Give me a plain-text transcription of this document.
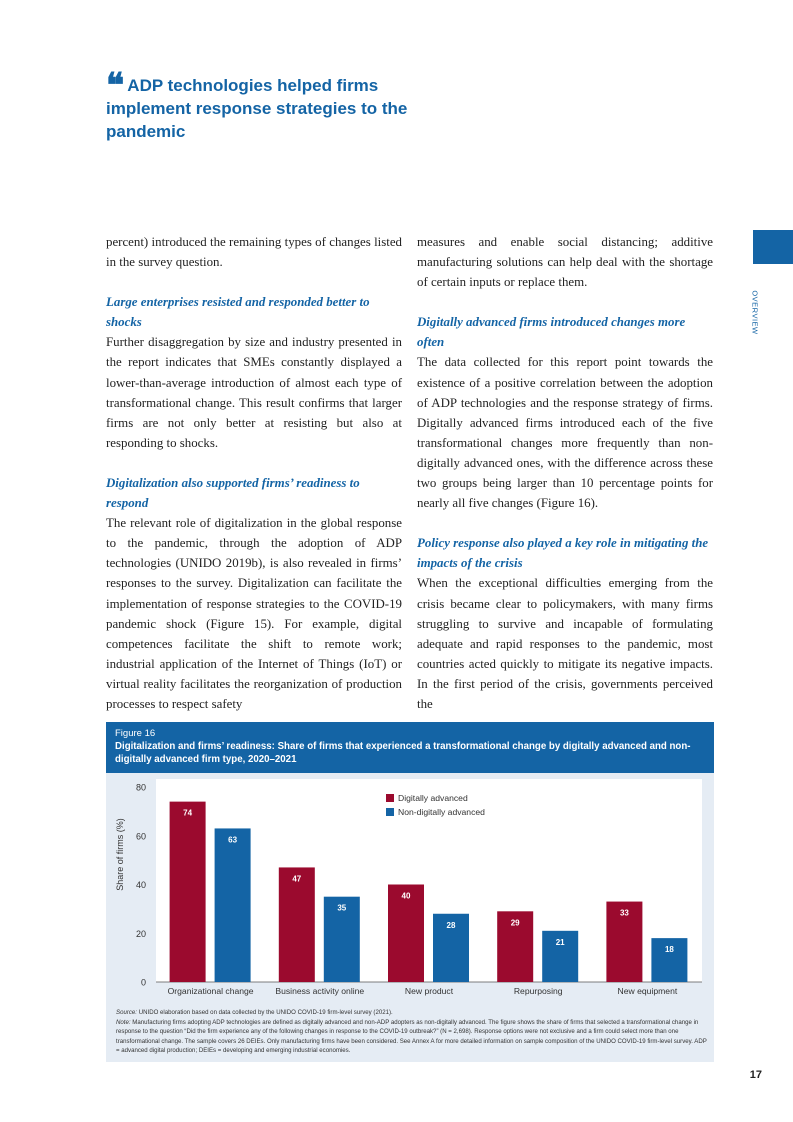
❝ ADP technologies helped firms implement response strategies to the pandemic
OVERVIEW

percent) introduced the remaining types of changes listed in the survey question.

Large enterprises resisted and responded better to shocks

Further disaggregation by size and industry presented in the report indicates that SMEs constantly displayed a lower-than-average introduction of almost each type of transformational change. This result confirms that larger firms are not only better at resisting but also at responding to shocks.

Digitalization also supported firms’ readiness to respond

The relevant role of digitalization in the global response to the pandemic, through the adoption of ADP technologies (UNIDO 2019b), is also revealed in firms’ responses to the survey. Digitalization can facilitate the implementation of response strategies to the COVID-19 pandemic shock (Figure 15). For example, digital competences facilitate the shift to remote work; industrial application of the Internet of Things (IoT) or virtual reality facilitates the reorganization of production processes to respect safety

measures and enable social distancing; additive manufacturing solutions can help deal with the shortage of certain inputs or replace them.

Digitally advanced firms introduced changes more often

The data collected for this report point towards the existence of a positive correlation between the adoption of ADP technologies and the response strategy of firms. Digitally advanced firms introduced each of the five transformational changes more frequently than non-digitally advanced ones, with the difference across these two groups being larger than 10 percentage points for nearly all five changes (Figure 16).

Policy response also played a key role in mitigating the impacts of the crisis

When the exceptional difficulties emerging from the crisis became clear to policymakers, with many firms struggling to survive and incapable of formulating adequate and rapid responses to the pandemic, most countries acted quickly to mitigate its negative impacts. In the first period of the crisis, governments perceived the

Figure 16
Digitalization and firms’ readiness: Share of firms that experienced a transformational change by digitally advanced and non-digitally advanced firm type, 2020–2021
0
20
40
60
80
Share of firms (%)
74
63
Organizational change
47
35
Business activity online
40
28
New product
29
21
Repurposing
33
18
New equipment
Digitally advanced
Non-digitally advanced

Source: UNIDO elaboration based on data collected by the UNIDO COVID-19 firm-level survey (2021).

Note: Manufacturing firms adopting ADP technologies are defined as digitally advanced and non-ADP adopters as non-digitally advanced. The figure shows the share of firms that selected a transformational change in response to the question “Did the firm experience any of the following changes in response to the COVID-19 outbreak?” (N = 2,698). Response options were not exclusive and a firm could select more than one transformational change. The sample covers 26 DEIEs. Only manufacturing firms have been considered. See Annex A for more detailed information on sample composition of the UNIDO COVID-19 firm-level survey. ADP = advanced digital production; DEIEs = developing and emerging industrial economies.

17
